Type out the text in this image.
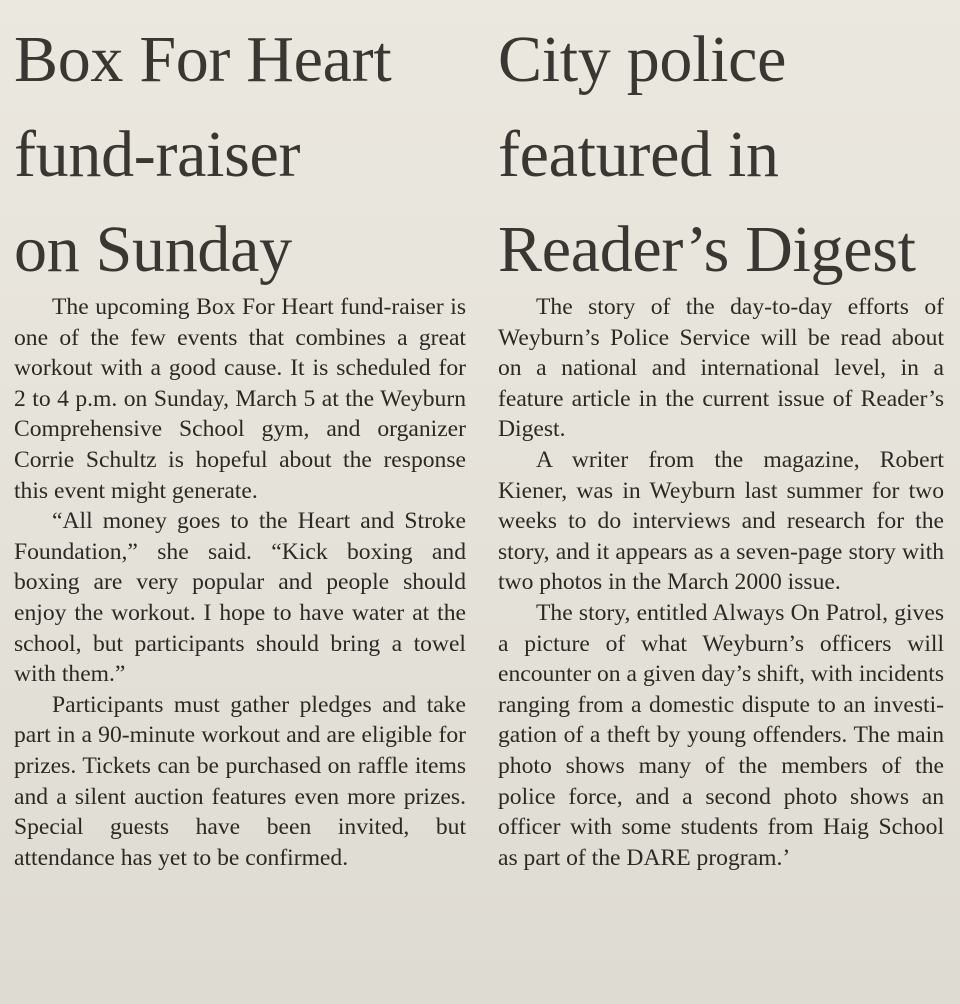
Box For Heart
fund-raiser
on Sunday

The upcoming Box For Heart fund-raiser is one of the few events that combines a great workout with a good cause. It is scheduled for 2 to 4 p.m. on Sunday, March 5 at the Weyburn Comprehensive School gym, and organizer Corrie Schultz is hopeful about the response this event might generate.

“All money goes to the Heart and Stroke Foundation,” she said. “Kick boxing and boxing are very popular and people should enjoy the workout. I hope to have water at the school, but participants should bring a towel with them.”

Participants must gather pledges and take part in a 90-minute workout and are eligible for prizes. Tickets can be purchased on raffle items and a silent auction features even more prizes. Special guests have been invited, but attendance has yet to be confirmed.

City police
featured in
Reader’s Digest

The story of the day-to-day efforts of Weyburn’s Police Service will be read about on a national and international level, in a feature article in the current issue of Reader’s Digest.

A writer from the magazine, Robert Kiener, was in Weyburn last summer for two weeks to do interviews and research for the story, and it appears as a seven-page story with two photos in the March 2000 issue.

The story, entitled Always On Patrol, gives a picture of what Weyburn’s officers will encounter on a given day’s shift, with incidents ranging from a domestic dispute to an investigation of a theft by young offenders. The main photo shows many of the members of the police force, and a second photo shows an officer with some students from Haig School as part of the DARE program.’
